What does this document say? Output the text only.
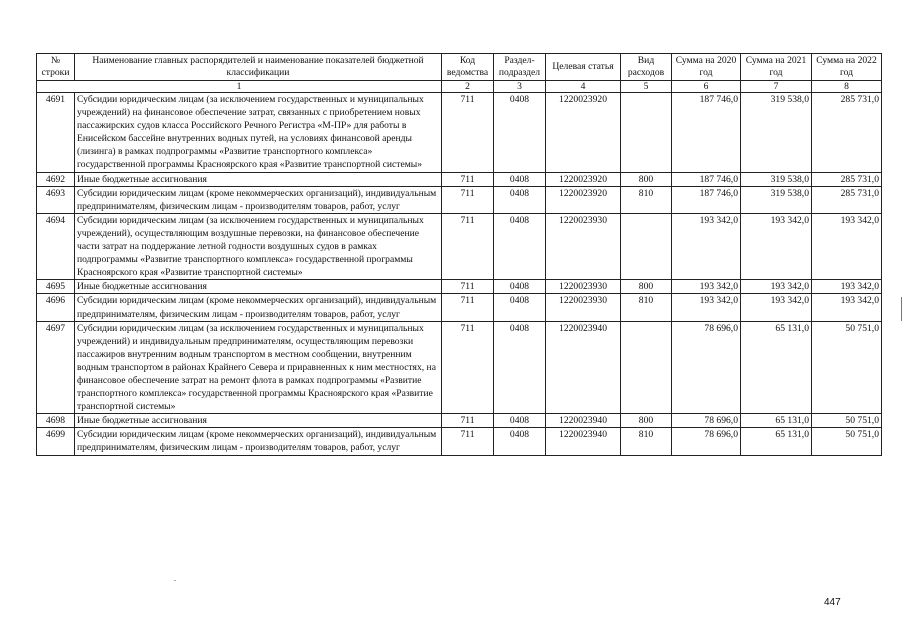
№ строки	Наименование главных распорядителей и наименование показателей бюджетной классификации	Код ведомства	Раздел-подраздел	Целевая статья	Вид расходов	Сумма на 2020 год	Сумма на 2021 год	Сумма на 2022 год
1		2	3	4	5	6	7	8
4691	Субсидии юридическим лицам (за исключением государственных и муниципальных учреждений) на финансовое обеспечение затрат, связанных с приобретением новых пассажирских судов класса Российского Речного Регистра «М-ПР» для работы в Енисейском бассейне внутренних водных путей, на условиях финансовой аренды (лизинга) в рамках подпрограммы «Развитие транспортного комплекса» государственной программы Красноярского края «Развитие транспортной системы»	711	0408	1220023920		187 746,0	319 538,0	285 731,0
4692	Иные бюджетные ассигнования	711	0408	1220023920	800	187 746,0	319 538,0	285 731,0
4693	Субсидии юридическим лицам (кроме некоммерческих организаций), индивидуальным предпринимателям, физическим лицам - производителям товаров, работ, услуг	711	0408	1220023920	810	187 746,0	319 538,0	285 731,0
4694	Субсидии юридическим лицам (за исключением государственных и муниципальных учреждений), осуществляющим воздушные перевозки, на финансовое обеспечение части затрат на поддержание летной годности воздушных судов в рамках подпрограммы «Развитие транспортного комплекса» государственной программы Красноярского края «Развитие транспортной системы»	711	0408	1220023930		193 342,0	193 342,0	193 342,0
4695	Иные бюджетные ассигнования	711	0408	1220023930	800	193 342,0	193 342,0	193 342,0
4696	Субсидии юридическим лицам (кроме некоммерческих организаций), индивидуальным предпринимателям, физическим лицам - производителям товаров, работ, услуг	711	0408	1220023930	810	193 342,0	193 342,0	193 342,0
4697	Субсидии юридическим лицам (за исключением государственных и муниципальных учреждений) и индивидуальным предпринимателям, осуществляющим перевозки пассажиров внутренним водным транспортом в местном сообщении, внутренним водным транспортом в районах Крайнего Севера и приравненных к ним местностях, на финансовое обеспечение затрат на ремонт флота в рамках подпрограммы «Развитие транспортного комплекса» государственной программы Красноярского края «Развитие транспортной системы»	711	0408	1220023940		78 696,0	65 131,0	50 751,0
4698	Иные бюджетные ассигнования	711	0408	1220023940	800	78 696,0	65 131,0	50 751,0
4699	Субсидии юридическим лицам (кроме некоммерческих организаций), индивидуальным предпринимателям, физическим лицам - производителям товаров, работ, услуг	711	0408	1220023940	810	78 696,0	65 131,0	50 751,0
447
